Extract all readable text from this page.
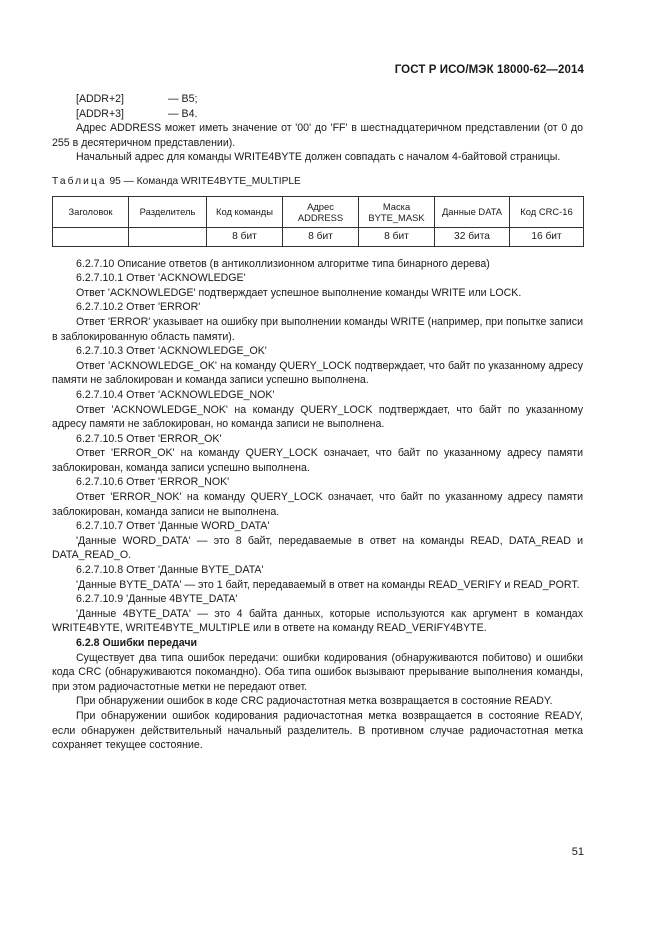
ГОСТ Р ИСО/МЭК 18000-62—2014
[ADDR+2]	— B5;
[ADDR+3]	— B4.

Адрес ADDRESS может иметь значение от '00' до 'FF' в шестнадцатеричном представлении (от 0 до 255 в десятеричном представлении).

Начальный адрес для команды WRITE4BYTE должен совпадать с началом 4-байтовой страницы.

Таблица 95 — Команда WRITE4BYTE_MULTIPLE

Заголовок	Разделитель	Код команды	Адрес ADDRESS	Маска BYTE_MASK	Данные DATA	Код CRC-16
		8 бит	8 бит	8 бит	32 бита	16 бит

6.2.7.10 Описание ответов (в антиколлизионном алгоритме типа бинарного дерева)

6.2.7.10.1 Ответ 'ACKNOWLEDGE'

Ответ 'ACKNOWLEDGE' подтверждает успешное выполнение команды WRITE или LOCK.

6.2.7.10.2 Ответ 'ERROR'

Ответ 'ERROR' указывает на ошибку при выполнении команды WRITE (например, при попытке записи в заблокированную область памяти).

6.2.7.10.3 Ответ 'ACKNOWLEDGE_OK'

Ответ 'ACKNOWLEDGE_OK' на команду QUERY_LOCK подтверждает, что байт по указанному адресу памяти не заблокирован и команда записи успешно выполнена.

6.2.7.10.4 Ответ 'ACKNOWLEDGE_NOK'

Ответ 'ACKNOWLEDGE_NOK' на команду QUERY_LOCK подтверждает, что байт по указанному адресу памяти не заблокирован, но команда записи не выполнена.

6.2.7.10.5 Ответ 'ERROR_OK'

Ответ 'ERROR_OK' на команду QUERY_LOCK означает, что байт по указанному адресу памяти заблокирован, команда записи успешно выполнена.

6.2.7.10.6 Ответ 'ERROR_NOK'

Ответ 'ERROR_NOK' на команду QUERY_LOCK означает, что байт по указанному адресу памяти заблокирован, команда записи не выполнена.

6.2.7.10.7 Ответ 'Данные WORD_DATA'

'Данные WORD_DATA' — это 8 байт, передаваемые в ответ на команды READ, DATA_READ и DATA_READ_O.

6.2.7.10.8 Ответ 'Данные BYTE_DATA'

'Данные BYTE_DATA' — это 1 байт, передаваемый в ответ на команды READ_VERIFY и READ_PORT.

6.2.7.10.9 'Данные 4BYTE_DATA'

'Данные 4BYTE_DATA' — это 4 байта данных, которые используются как аргумент в командах WRITE4BYTE, WRITE4BYTE_MULTIPLE или в ответе на команду READ_VERIFY4BYTE.

6.2.8 Ошибки передачи

Существует два типа ошибок передачи: ошибки кодирования (обнаруживаются побитово) и ошибки кода CRC (обнаруживаются покомандно). Оба типа ошибок вызывают прерывание выполнения команды, при этом радиочастотные метки не передают ответ.

При обнаружении ошибок в коде CRC радиочастотная метка возвращается в состояние READY.

При обнаружении ошибок кодирования радиочастотная метка возвращается в состояние READY, если обнаружен действительный начальный разделитель. В противном случае радиочастотная метка сохраняет текущее состояние.

51
